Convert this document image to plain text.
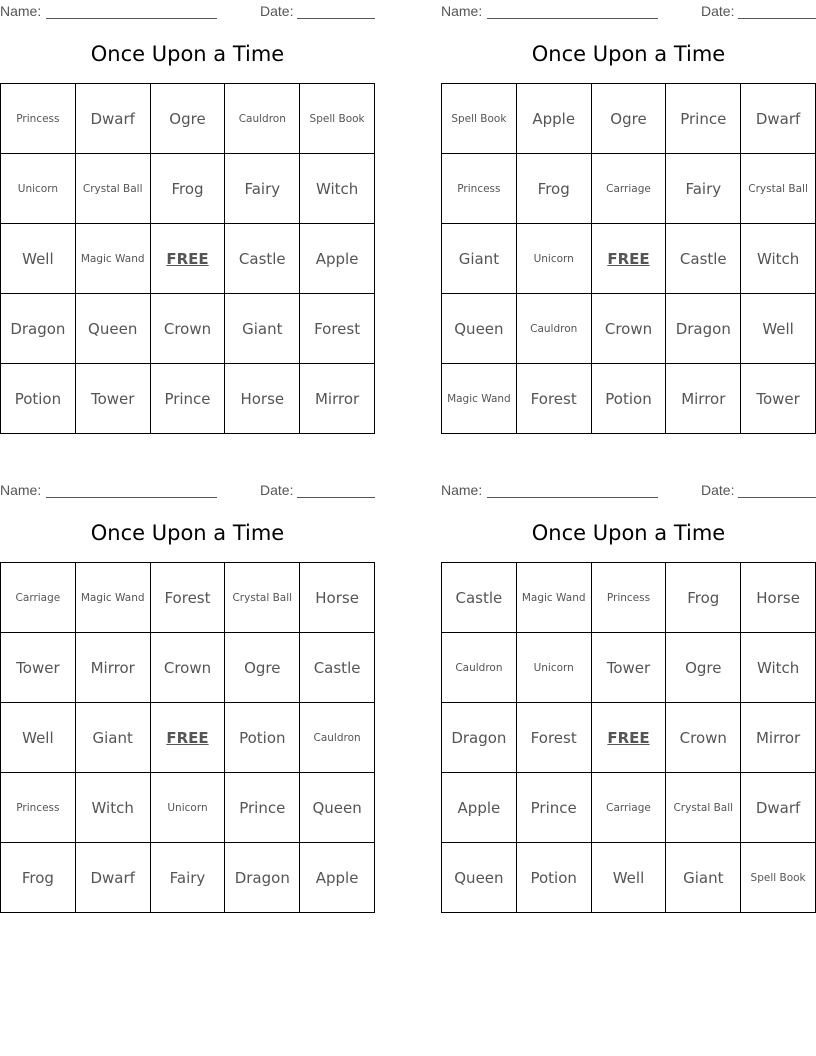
Name:	Date:
Once Upon a Time
Princess	Dwarf	Ogre	Cauldron	Spell Book
Unicorn	Crystal Ball	Frog	Fairy	Witch
Well	Magic Wand	FREE	Castle	Apple
Dragon	Queen	Crown	Giant	Forest
Potion	Tower	Prince	Horse	Mirror
Name:	Date:
Once Upon a Time
Spell Book	Apple	Ogre	Prince	Dwarf
Princess	Frog	Carriage	Fairy	Crystal Ball
Giant	Unicorn	FREE	Castle	Witch
Queen	Cauldron	Crown	Dragon	Well
Magic Wand	Forest	Potion	Mirror	Tower
Name:	Date:
Once Upon a Time
Carriage	Magic Wand	Forest	Crystal Ball	Horse
Tower	Mirror	Crown	Ogre	Castle
Well	Giant	FREE	Potion	Cauldron
Princess	Witch	Unicorn	Prince	Queen
Frog	Dwarf	Fairy	Dragon	Apple
Name:	Date:
Once Upon a Time
Castle	Magic Wand	Princess	Frog	Horse
Cauldron	Unicorn	Tower	Ogre	Witch
Dragon	Forest	FREE	Crown	Mirror
Apple	Prince	Carriage	Crystal Ball	Dwarf
Queen	Potion	Well	Giant	Spell Book
